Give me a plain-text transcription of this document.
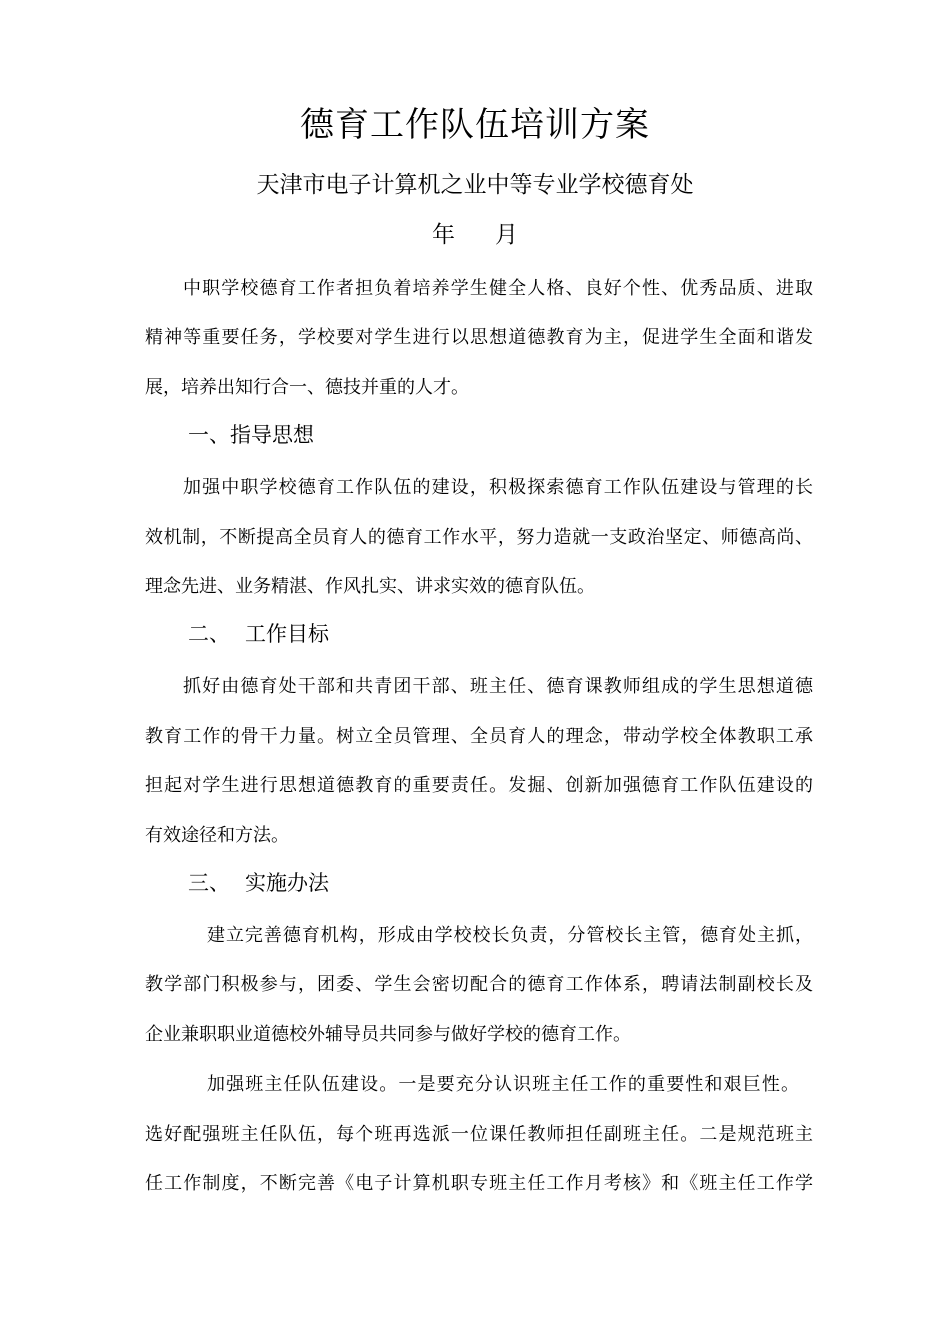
德育工作队伍培训方案
天津市电子计算机之业中等专业学校德育处
年 月
中职学校德育工作者担负着培养学生健全人格、良好个性、优秀品质、进取
精神等重要任务，学校要对学生进行以思想道德教育为主，促进学生全面和谐发
展，培养出知行合一、德技并重的人才。
一、指导思想
加强中职学校德育工作队伍的建设，积极探索德育工作队伍建设与管理的长
效机制，不断提高全员育人的德育工作水平，努力造就一支政治坚定、师德高尚、
理念先进、业务精湛、作风扎实、讲求实效的德育队伍。
二、 工作目标
抓好由德育处干部和共青团干部、班主任、德育课教师组成的学生思想道德
教育工作的骨干力量。树立全员管理、全员育人的理念，带动学校全体教职工承
担起对学生进行思想道德教育的重要责任。发掘、创新加强德育工作队伍建设的
有效途径和方法。
三、 实施办法
建立完善德育机构，形成由学校校长负责，分管校长主管，德育处主抓，
教学部门积极参与，团委、学生会密切配合的德育工作体系，聘请法制副校长及
企业兼职职业道德校外辅导员共同参与做好学校的德育工作。
加强班主任队伍建设。一是要充分认识班主任工作的重要性和艰巨性。
选好配强班主任队伍，每个班再选派一位课任教师担任副班主任。二是规范班主
任工作制度，不断完善《电子计算机职专班主任工作月考核》和《班主任工作学
